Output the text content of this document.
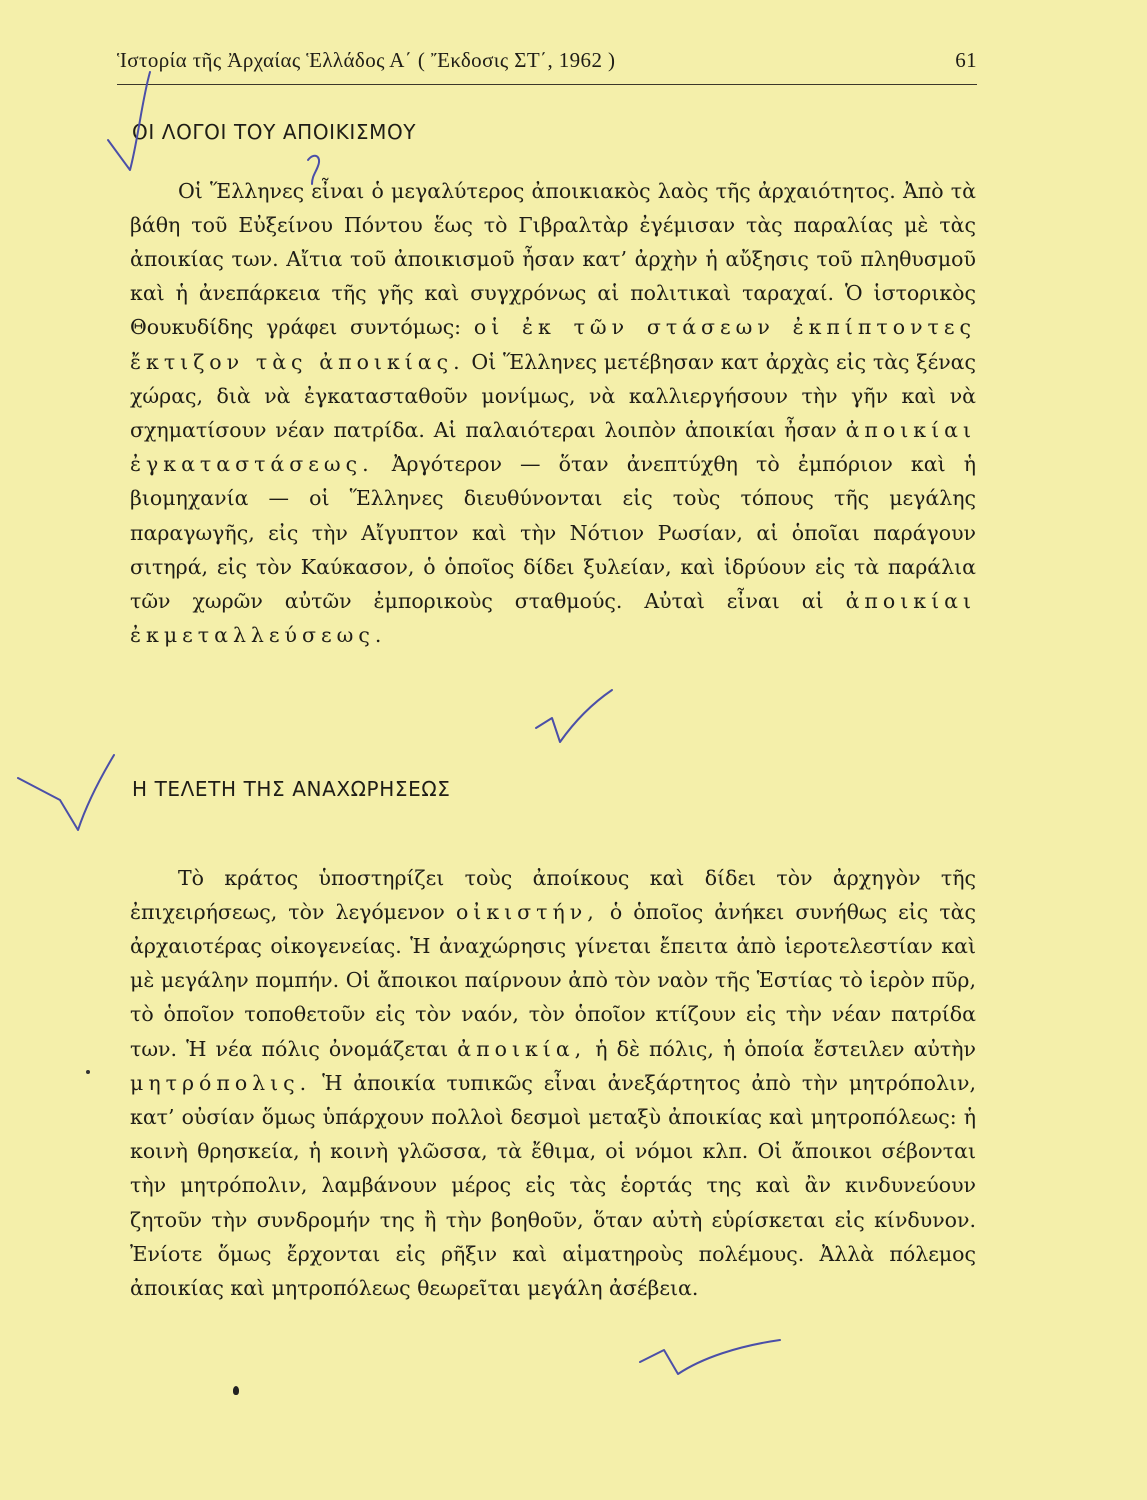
Ἱστορία τῆς Ἀρχαίας Ἑλλάδος Α΄ ( Ἔκδοσις ΣΤ΄, 1962 )	61
ΟΙ ΛΟΓΟΙ ΤΟΥ ΑΠΟΙΚΙΣΜΟΥ

Οἱ Ἕλληνες εἶναι ὁ μεγαλύτερος ἀποικιακὸς λαὸς τῆς ἀρχαιότητος. Ἀπὸ τὰ βάθη τοῦ Εὐξείνου Πόντου ἕως τὸ Γιβραλτὰρ ἐγέμισαν τὰς παραλίας μὲ τὰς ἀποικίας των. Αἴτια τοῦ ἀποικισμοῦ ἦσαν κατ’ ἀρχὴν ἡ αὔξησις τοῦ πληθυσμοῦ καὶ ἡ ἀνεπάρκεια τῆς γῆς καὶ συγχρόνως αἱ πολιτικαὶ ταραχαί. Ὁ ἱστορικὸς Θουκυδίδης γράφει συντόμως: οἱ ἐκ τῶν στάσεων ἐκπίπτοντες ἔκτιζον τὰς ἀποικίας. Οἱ Ἕλληνες μετέβησαν κατ ἀρχὰς εἰς τὰς ξένας χώρας, διὰ νὰ ἐγκατασταθοῦν μονίμως, νὰ καλλιεργήσουν τὴν γῆν καὶ νὰ σχηματίσουν νέαν πατρίδα. Αἱ παλαιότεραι λοιπὸν ἀποικίαι ἦσαν ἀποικίαι ἐγκαταστάσεως. Ἀργότερον — ὅταν ἀνεπτύχθη τὸ ἐμπόριον καὶ ἡ βιομηχανία — οἱ Ἕλληνες διευθύνονται εἰς τοὺς τόπους τῆς μεγάλης παραγωγῆς, εἰς τὴν Αἴγυπτον καὶ τὴν Νότιον Ρωσίαν, αἱ ὁποῖαι παράγουν σιτηρά, εἰς τὸν Καύκασον, ὁ ὁποῖος δίδει ξυλείαν, καὶ ἱδρύουν εἰς τὰ παράλια τῶν χωρῶν αὐτῶν ἐμπορικοὺς σταθμούς. Αὐταὶ εἶναι αἱ ἀποικίαι ἐκμεταλλεύσεως.

Η ΤΕΛΕΤΗ ΤΗΣ ΑΝΑΧΩΡΗΣΕΩΣ

Τὸ κράτος ὑποστηρίζει τοὺς ἀποίκους καὶ δίδει τὸν ἀρχηγὸν τῆς ἐπιχειρήσεως, τὸν λεγόμενον οἰκιστήν, ὁ ὁποῖος ἀνήκει συνήθως εἰς τὰς ἀρχαιοτέρας οἰκογενείας. Ἡ ἀναχώρησις γίνεται ἔπειτα ἀπὸ ἱεροτελεστίαν καὶ μὲ μεγάλην πομπήν. Οἱ ἄποικοι παίρνουν ἀπὸ τὸν ναὸν τῆς Ἑστίας τὸ ἱερὸν πῦρ, τὸ ὁποῖον τοποθετοῦν εἰς τὸν ναόν, τὸν ὁποῖον κτίζουν εἰς τὴν νέαν πατρίδα των. Ἡ νέα πόλις ὀνομάζεται ἀποικία, ἡ δὲ πόλις, ἡ ὁποία ἔστειλεν αὐτὴν μητρόπολις. Ἡ ἀποικία τυπικῶς εἶναι ἀνεξάρτητος ἀπὸ τὴν μητρόπολιν, κατ’ οὐσίαν ὅμως ὑπάρχουν πολλοὶ δεσμοὶ μεταξὺ ἀποικίας καὶ μητροπόλεως: ἡ κοινὴ θρησκεία, ἡ κοινὴ γλῶσσα, τὰ ἔθιμα, οἱ νόμοι κλπ. Οἱ ἄποικοι σέβονται τὴν μητρόπολιν, λαμβάνουν μέρος εἰς τὰς ἑορτάς της καὶ ἂν κινδυνεύουν ζητοῦν τὴν συνδρομήν της ἢ τὴν βοηθοῦν, ὅταν αὐτὴ εὑρίσκεται εἰς κίνδυνον. Ἐνίοτε ὅμως ἔρχονται εἰς ρῆξιν καὶ αἱματηροὺς πολέμους. Ἀλλὰ πόλεμος ἀποικίας καὶ μητροπόλεως θεωρεῖται μεγάλη ἀσέβεια.
